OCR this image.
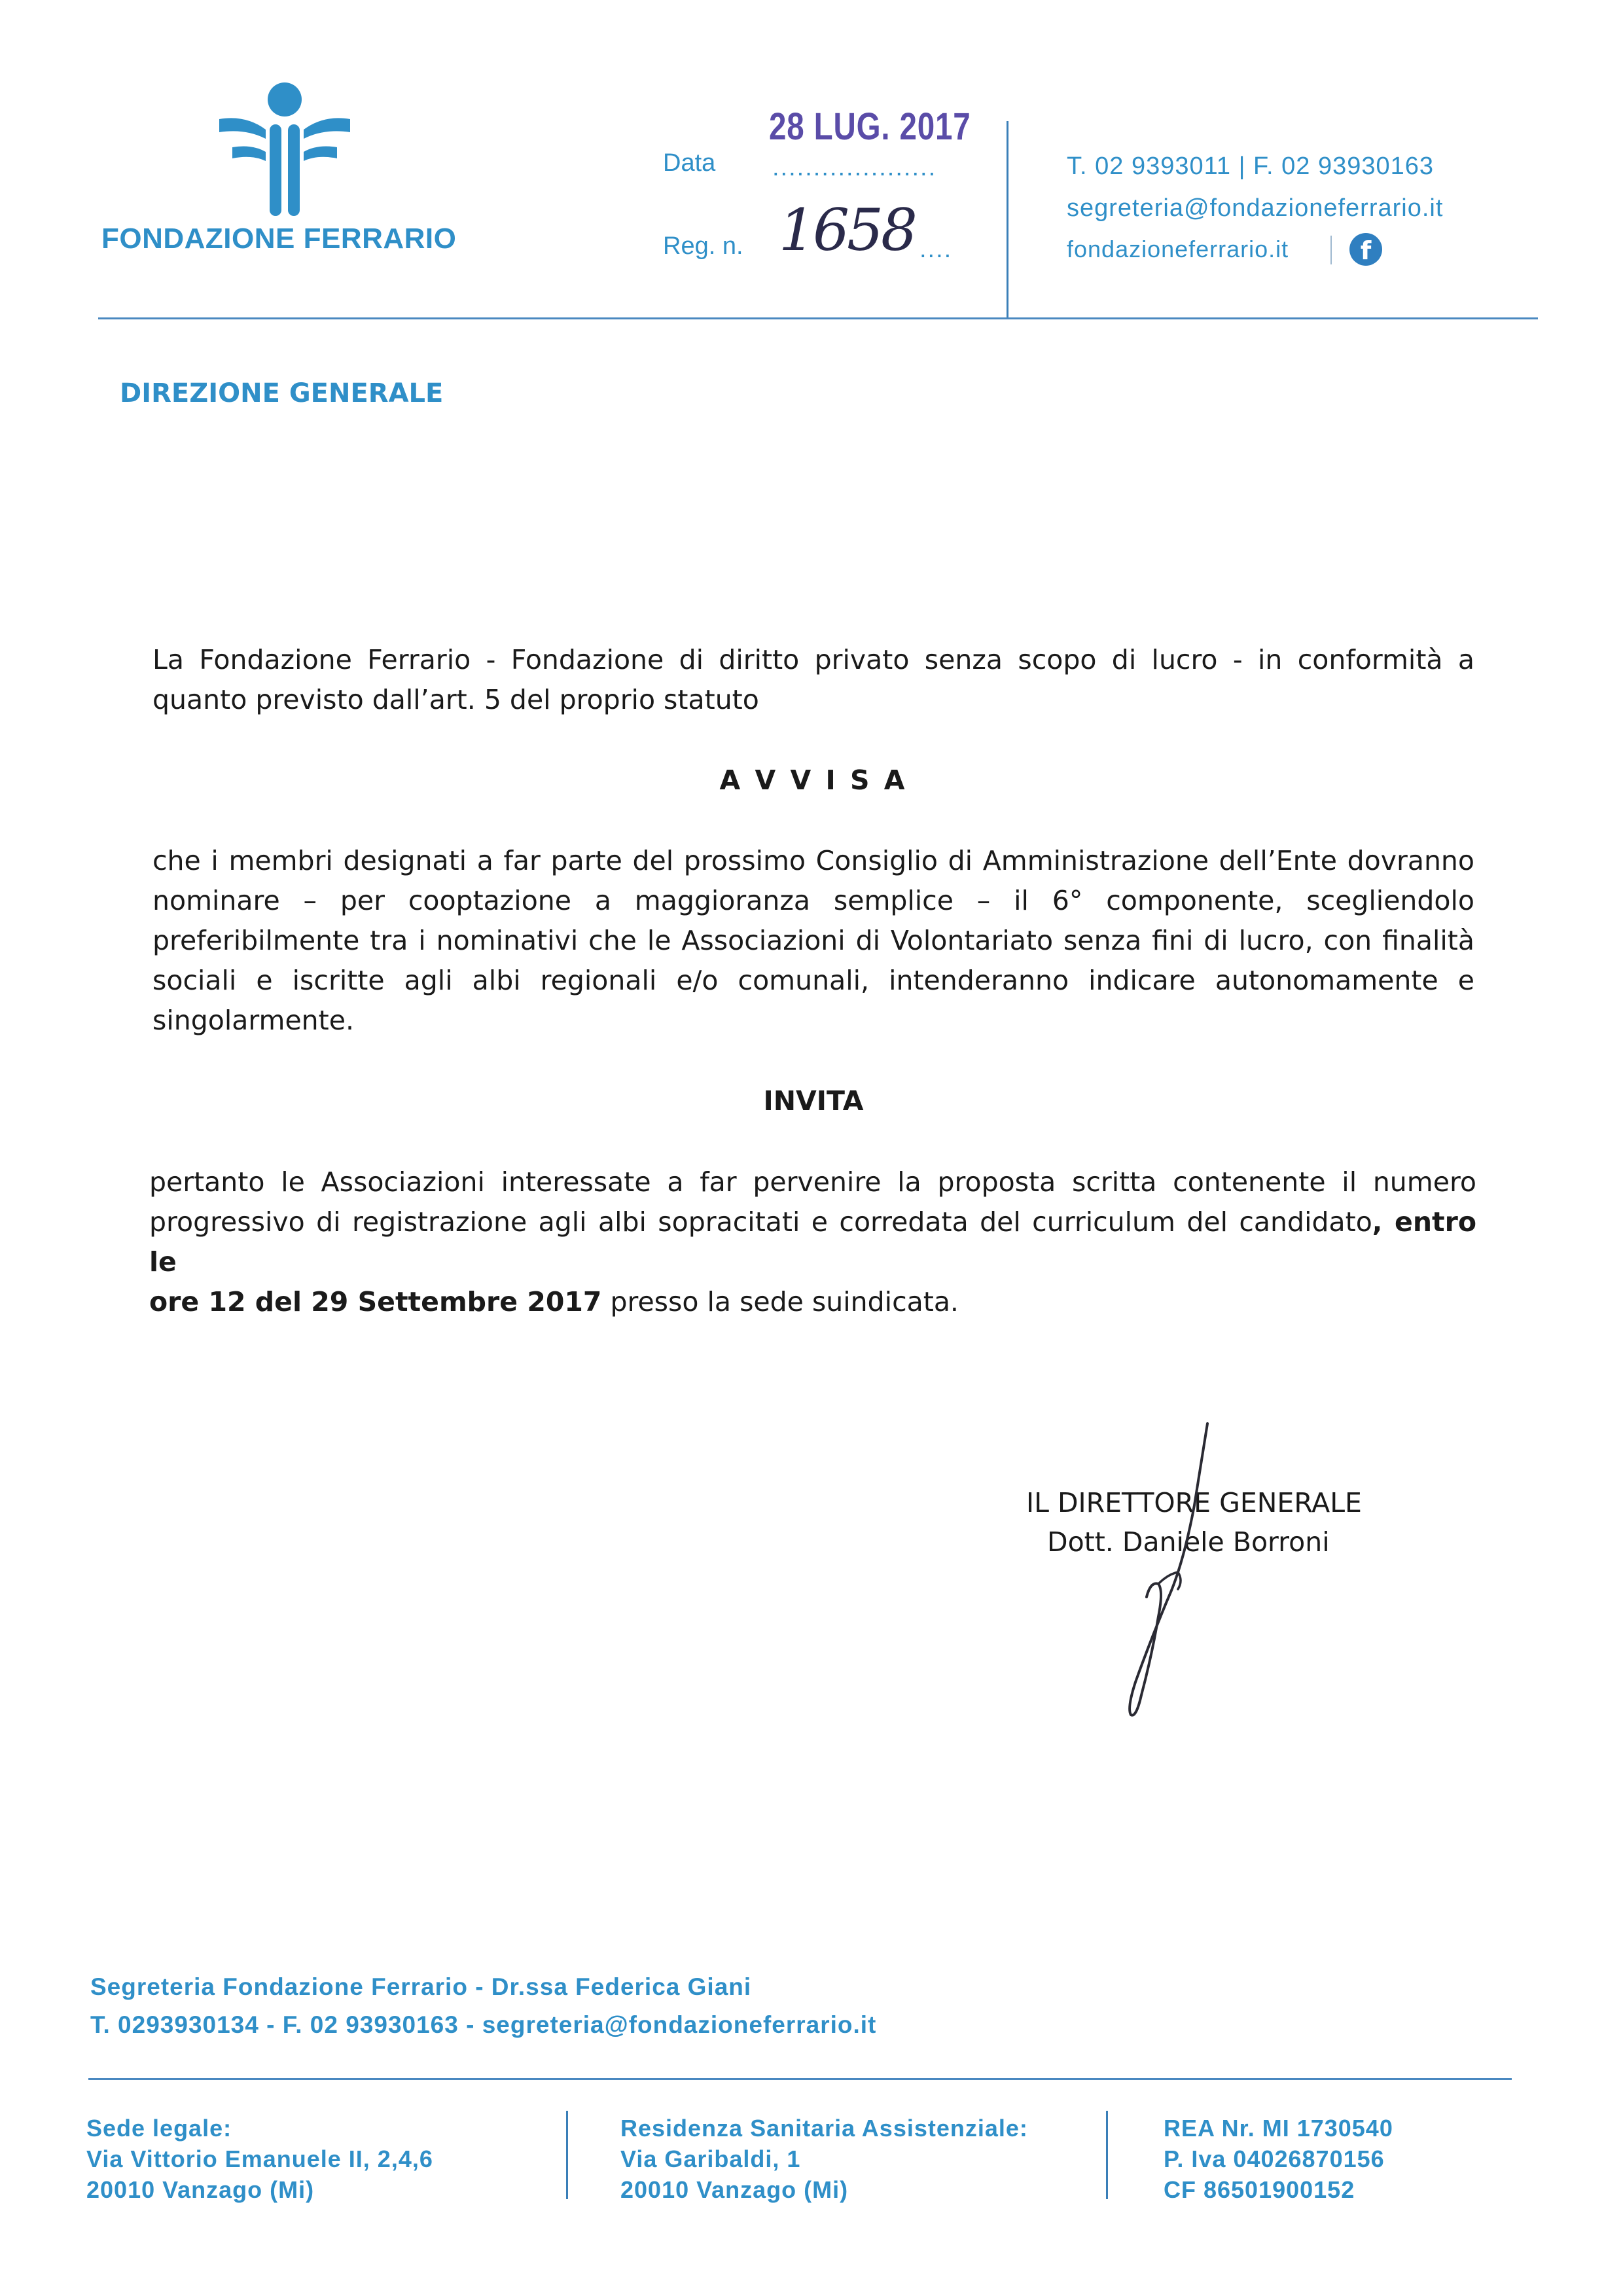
FONDAZIONE FERRARIO
Data
28 LUG. 2017
....................
Reg. n. 1658 ....
T. 02 9393011 | F. 02 93930163
segreteria@fondazioneferrario.it
fondazioneferrario.it	f
DIREZIONE GENERALE
La Fondazione Ferrario - Fondazione di diritto privato senza scopo di lucro - in conformità a
quanto previsto dall’art. 5 del proprio statuto
A V V I S A
che i membri designati a far parte del prossimo Consiglio di Amministrazione dell’Ente dovranno
nominare – per cooptazione a maggioranza semplice – il 6° componente, scegliendolo
preferibilmente tra i nominativi che le Associazioni di Volontariato senza fini di lucro, con finalità
sociali e iscritte agli albi regionali e/o comunali, intenderanno indicare autonomamente e
singolarmente.
INVITA
pertanto le Associazioni interessate a far pervenire la proposta scritta contenente il numero
progressivo di registrazione agli albi sopracitati e corredata del curriculum del candidato, entro le
ore 12 del 29 Settembre 2017 presso la sede suindicata.
IL DIRETTORE GENERALE
Dott. Daniele Borroni
Segreteria Fondazione Ferrario - Dr.ssa Federica Giani
T. 0293930134 - F. 02 93930163 - segreteria@fondazioneferrario.it
Sede legale:
Via Vittorio Emanuele II, 2,4,6
20010 Vanzago (Mi)
Residenza Sanitaria Assistenziale:
Via Garibaldi, 1
20010 Vanzago (Mi)
REA Nr. MI 1730540
P. Iva 04026870156
CF 86501900152
